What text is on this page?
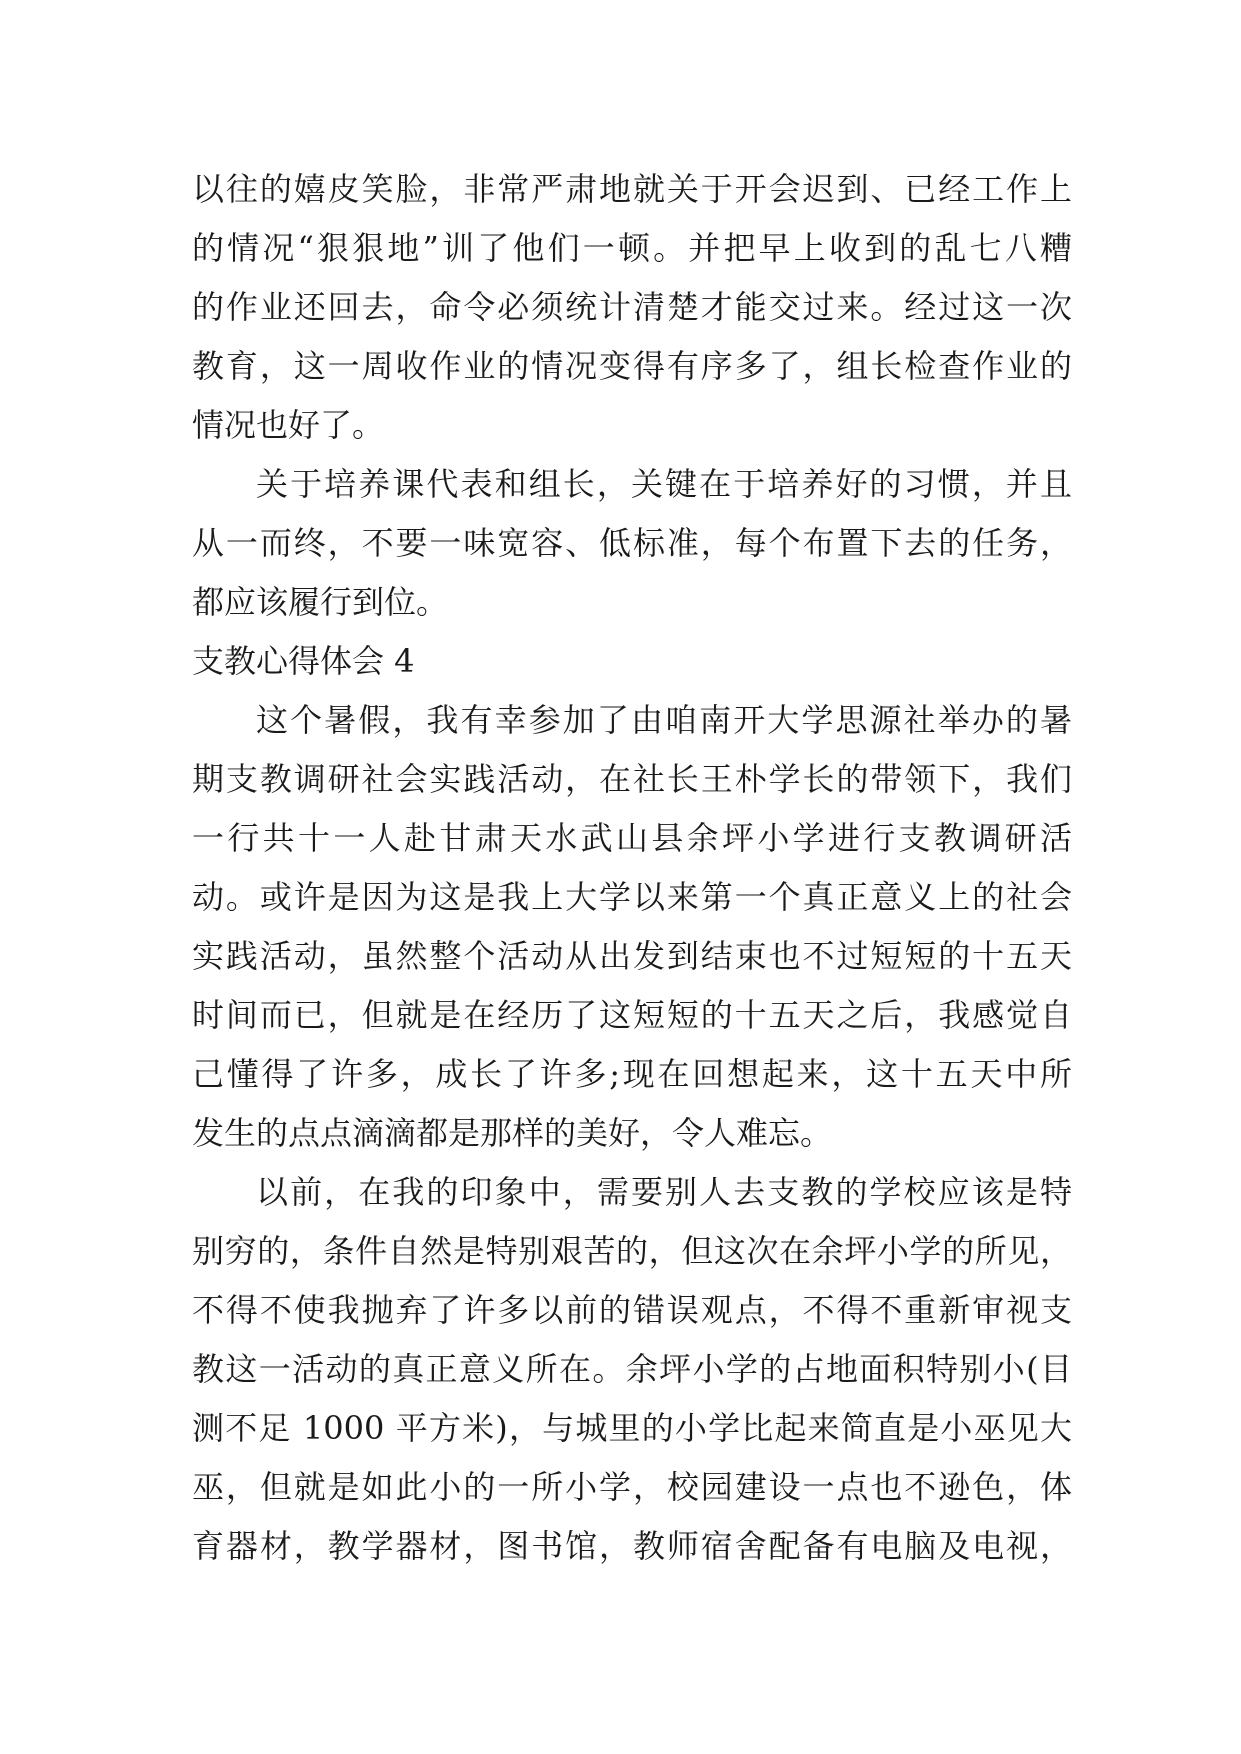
以往的嬉皮笑脸，非常严肃地就关于开会迟到、已经工作上
的情况“狠狠地”训了他们一顿。并把早上收到的乱七八糟
的作业还回去，命令必须统计清楚才能交过来。经过这一次
教育，这一周收作业的情况变得有序多了，组长检查作业的
情况也好了。
关于培养课代表和组长，关键在于培养好的习惯，并且
从一而终，不要一味宽容、低标准，每个布置下去的任务，
都应该履行到位。
支教心得体会 4
这个暑假，我有幸参加了由咱南开大学思源社举办的暑
期支教调研社会实践活动，在社长王朴学长的带领下，我们
一行共十一人赴甘肃天水武山县余坪小学进行支教调研活
动。或许是因为这是我上大学以来第一个真正意义上的社会
实践活动，虽然整个活动从出发到结束也不过短短的十五天
时间而已，但就是在经历了这短短的十五天之后，我感觉自
己懂得了许多，成长了许多;现在回想起来，这十五天中所
发生的点点滴滴都是那样的美好，令人难忘。
以前，在我的印象中，需要别人去支教的学校应该是特
别穷的，条件自然是特别艰苦的，但这次在余坪小学的所见，
不得不使我抛弃了许多以前的错误观点，不得不重新审视支
教这一活动的真正意义所在。余坪小学的占地面积特别小(目
测不足 1000 平方米)，与城里的小学比起来简直是小巫见大
巫，但就是如此小的一所小学，校园建设一点也不逊色，体
育器材，教学器材，图书馆，教师宿舍配备有电脑及电视，
